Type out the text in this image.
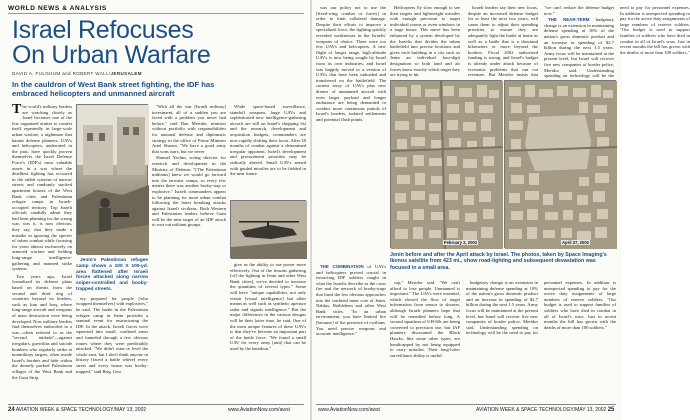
WORLD NEWS & ANALYSIS
Israel Refocuses
On Urban Warfare
DAVID A. FULGHUM and ROBERT WALL/JERUSALEM
In the cauldron of West Bank street fighting, the IDF has embraced helicopters and unmanned aircraft
The world's military leaders are watching closely as Israel becomes one of the few organized armies to contest itself repeatedly in large-scale urban warfare, a nightmare that haunts defense planners. UAVs and helicopters, underrated in the past, have quickly proven themselves the Israel Defense Force's (IDF's) most valuable assets in a war where the deadliest fighting has occurred in the rabbit warrens of narrow streets and randomly stacked apartment houses of the West Bank cities and Palestinian refugee camps in Israeli-occupied territory. Top Israeli officials candidly admit they had been planning for the wrong war, was it, is now obvious, they say, that they made a mistake in ignoring the specter of urban combat while focusing for years almost exclusively on armored warfare and fielding long-range intelligence-gathering and manned strike systems.

Two years ago, Israel formalized its defense plans based on threats from the second and third ring of countries beyond its borders, such as Iran and Iraq, where long-range aircraft and weapons of mass destruction were being developed. Now military leaders find themselves embroiled in a war—often referred to as the "second intifada"—against irregulars, guerrillas and suicide bombers who regularly strike at nonmilitary targets, often inside Israel's borders and hide within the densely packed Palestinian villages of the West Bank and the Gaza Strip.

Jenin's Palestinian refugee camp shows a 100 X 100-yd. area flattened after Israeli forces attacked along narrow sniper-controlled and booby-trapped streets.

ery prepared for people [who wrapped themselves] with explosives," he said. The battle in the Palestinian refugee camp in Jenin provides a seminal event for restructuring the IDF. In the attack, Israeli forces were squeezed into small, confined areas and funneled through a few obvious routes where they were predictably attacked. "We didn't want to level the whole area, but I don't think anyone in history [faced a battle where] every street and every house was booby-trapped," said Brig. Gen.

"With all the war [Israeli military] investment, all of a sudden you are faced with a problem you never had before," said Dan Meridor, minister without portfolio with responsibilities for national defense and diplomatic strategy in the office of Prime Minister Ariel Sharon. "We have a good army that wins wars, but we never

Shmuel Yachin, acting director for research and development in the Ministry of Defense. "[The Palestinian militants] knew we would go forward into the terrorist camps, so every few meters there was another booby-trap or explosive." Israeli commanders appear to be planning for more urban combat following the latest bombing attacks against Israeli civilians. Both Western and Palestinian leaders believe Gaza will be the next target of an IDF attack to root out militant groups.

While space-based surveillance, standoff weapons, large UAVs and sophisticated new intelligence-gathering aircraft are still on Israel's shopping list and the research, development and acquisition budgets, commanders are now rapidly shifting their focus. After 20 months of combat against a determined irregular opponent, Israel's development and procurement priorities may be radically altered. Small UAVs armed with guided missiles are to be fielded in the near future.

give us the ability to use power more effectively. Out of the lessons gathering [of] the fighting in Jenin and other West Bank cities], we've decided to increase the quantities of several types." Some will have "unique capabilities, not only vision [visual intelligence] but other means as well such as synthetic aperture radar and signals intelligence." But the major differences in the various designs will be their loiter time, he said. One of the most unique features of these UAVs is that they've become an important part of the battle force. "We found a small UAV for every army [unit] that can be used by the battalion."

24 AVIATION WEEK & SPACE TECHNOLOGY/MAY 13, 2002	www.AviationNow.com/awst

was our policy not to use the [fixed-wing combat or forces] in order to limit collateral damage. Despite their efforts to improve a specialized force, the fighting quickly revealed weaknesses in the Israelis' weapons of choice. There were too few UAVs and helicopters. A new flight of longer range, high-altitude UAVs is now being sought by Israel from its own industries, and Israel was happily moved to a version of UAVs that have been unloaded and transferred on the battlefield. The current array of UAVs plus new drones of unmanned aircraft with even larger payload and longer endurance are being demanded to conduct more continuous patrols of Israel's borders, isolated settlements and potential flash points.

Helicopters fly slow enough to see their targets and lightweight missiles with enough precision to target individual rooms or even windows in a large house. This move has been enhanced by a system developed by the Israelis that divides the urban battlefield into precise locations and gives each building in a city such as Jenin an individual four-digit designation so both land and air forces know exactly which target they are trying to hit.

Israeli leaders say their new focus, despite an increased defense budget for at least the next two years, will cause them to adjust their spending priorities to ensure they are adequately fight the battle at home as well as a battle that is a thousand kilometers or more beyond the borders. Fiscal 2002 authorized funding is strong, and Israel's budget is already under attack because of economic problems that can cut revenues. But Meridor insists that "we can't reduce the defense budget now."

THE NEAR-TERM budgetary change is an extension in maintaining defense spending at 10% of the nation's gross domestic product and an increase in spending of $2.7 billion during the next 1.5 years. Army focus will be maintained at the present level, but Israel will recover five new companies of border police, Meridor said. Understanding spending on technology will be the need to pay for personnel expenses. In addition is unexpected spending to pay for the active duty assignments of large numbers of reserve soldiers. "Our budget is used to support families of soldiers who have died in combat in all of Israel's wars. Just in recent months the bill has grown with the deaths of more than 100 soldiers."

February 2, 2002	April 27, 2002
Jenin before and after the April attack by Israel. The photos, taken by Space Imaging's Ikonos satellite from 423 mi., show road-lighting and subsequent devastation was focused in a small area.

cap," Meridor said. "We can't afford to lose people. Unmanned is important." The UAVs were essential, which slowed the flow of target information from sensor to shooter, although Israeli planners hope that will be remedied before long. A second squadron of UH-60s are being converted to precision use, but IAF planners discounted the Black Hawks, like some other types, are handicapped by not being equipped to carry missiles. Their long-loiter surveillance ability is useful.

budgetary change is an extension in maintaining defense spending at 10% of the nation's gross domestic product and an increase in spending of $2.7 billion during the next 1.5 years. Army focus will be maintained at the present level, but Israel will recover five new companies of border police, Meridor said. Understanding spending on technology will be the need to pay for personnel expenses. In addition is unexpected spending to pay for the active duty assignments of large numbers of reserve soldiers. "Our budget is used to support families of soldiers who have died in combat in all of Israel's wars. Just in recent months the bill has grown with the deaths of more than 100 soldiers."

THE COMBINATION of UAVs and helicopters proved crucial in extracting IDF soldiers caught in what the Israelis describe as the cross fire and the network of booby-traps that lined the few obvious approaches into the confined inner core of Jenin, Nablus, Bethlehem and other West Bank cities. "In an urban environment, you have limited fire [because] of the presence of civilians. You need precise weapons and accurate intelligence."

www.AviationNow.com/awst	AVIATION WEEK & SPACE TECHNOLOGY/MAY 13, 2002 25
